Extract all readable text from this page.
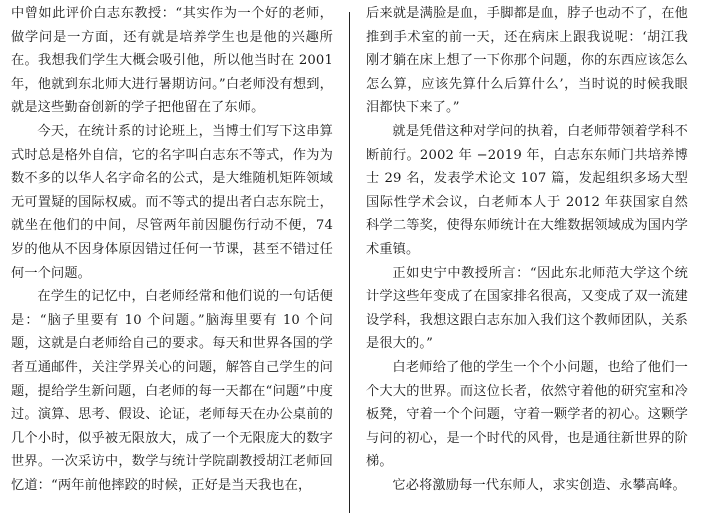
中曾如此评价白志东教授：“其实作为一个好的老师，做学问是一方面，还有就是培养学生也是他的兴趣所在。我想我们学生大概会吸引他，所以他当时在 2001 年，他就到东北师大进行暑期访问。”白老师没有想到，就是这些勤奋创新的学子把他留在了东师。

今天，在统计系的讨论班上，当博士们写下这串算式时总是格外自信，它的名字叫白志东不等式，作为为数不多的以华人名字命名的公式，是大维随机矩阵领域无可置疑的国际权威。而不等式的提出者白志东院士，就坐在他们的中间，尽管两年前因腿伤行动不便，74 岁的他从不因身体原因错过任何一节课，甚至不错过任何一个问题。

在学生的记忆中，白老师经常和他们说的一句话便是：“脑子里要有 10 个问题。”脑海里要有 10 个问题，这就是白老师给自己的要求。每天和世界各国的学者互通邮件，关注学界关心的问题，解答自己学生的问题，提给学生新问题，白老师的每一天都在“问题”中度过。演算、思考、假设、论证，老师每天在办公桌前的几个小时，似乎被无限放大，成了一个无限庞大的数字世界。一次采访中，数学与统计学院副教授胡江老师回忆道：“两年前他摔跤的时候，正好是当天我也在，

后来就是满脸是血，手脚都是血，脖子也动不了，在他推到手术室的前一天，还在病床上跟我说呢：‘胡江我刚才躺在床上想了一下你那个问题，你的东西应该怎么怎么算，应该先算什么后算什么’，当时说的时候我眼泪都快下来了。”

就是凭借这种对学问的执着，白老师带领着学科不断前行。2002 年 −2019 年，白志东东师门共培养博士 29 名，发表学术论文 107 篇，发起组织多场大型国际性学术会议，白老师本人于 2012 年获国家自然科学二等奖，使得东师统计在大维数据领域成为国内学术重镇。

正如史宁中教授所言：“因此东北师范大学这个统计学这些年变成了在国家排名很高，又变成了双一流建设学科，我想这跟白志东加入我们这个教师团队，关系是很大的。”

白老师给了他的学生一个个小问题，也给了他们一个大大的世界。而这位长者，依然守着他的研究室和冷板凳，守着一个个问题，守着一颗学者的初心。这颗学与问的初心，是一个时代的风骨，也是通往新世界的阶梯。

它必将激励每一代东师人，求实创造、永攀高峰。
